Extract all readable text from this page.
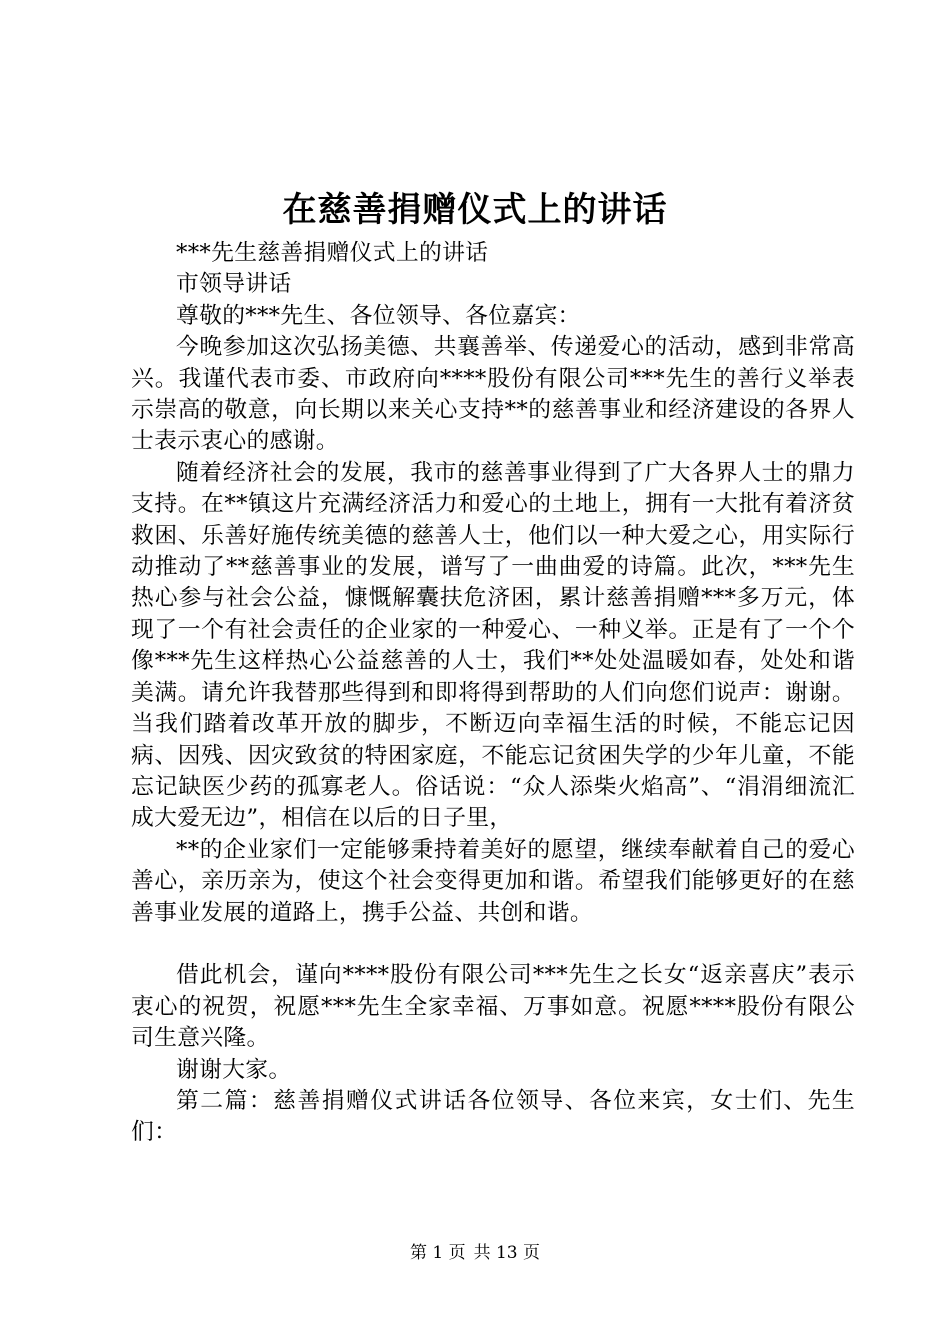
在慈善捐赠仪式上的讲话

***先生慈善捐赠仪式上的讲话

市领导讲话

尊敬的***先生、各位领导、各位嘉宾：

今晚参加这次弘扬美德、共襄善举、传递爱心的活动，感到非常高兴。我谨代表市委、市政府向****股份有限公司***先生的善行义举表示崇高的敬意，向长期以来关心支持**的慈善事业和经济建设的各界人士表示衷心的感谢。

随着经济社会的发展，我市的慈善事业得到了广大各界人士的鼎力支持。在**镇这片充满经济活力和爱心的土地上，拥有一大批有着济贫救困、乐善好施传统美德的慈善人士，他们以一种大爱之心，用实际行动推动了**慈善事业的发展，谱写了一曲曲爱的诗篇。此次，***先生热心参与社会公益，慷慨解囊扶危济困，累计慈善捐赠***多万元，体现了一个有社会责任的企业家的一种爱心、一种义举。正是有了一个个像***先生这样热心公益慈善的人士，我们**处处温暖如春，处处和谐美满。请允许我替那些得到和即将得到帮助的人们向您们说声：谢谢。当我们踏着改革开放的脚步，不断迈向幸福生活的时候，不能忘记因病、因残、因灾致贫的特困家庭，不能忘记贫困失学的少年儿童，不能忘记缺医少药的孤寡老人。俗话说：“众人添柴火焰高”、“涓涓细流汇成大爱无边”，相信在以后的日子里，

**的企业家们一定能够秉持着美好的愿望，继续奉献着自己的爱心善心，亲历亲为，使这个社会变得更加和谐。希望我们能够更好的在慈善事业发展的道路上，携手公益、共创和谐。

借此机会，谨向****股份有限公司***先生之长女“返亲喜庆”表示衷心的祝贺，祝愿***先生全家幸福、万事如意。祝愿****股份有限公司生意兴隆。

谢谢大家。

第二篇：慈善捐赠仪式讲话各位领导、各位来宾，女士们、先生们：

第 1 页 共 13 页
